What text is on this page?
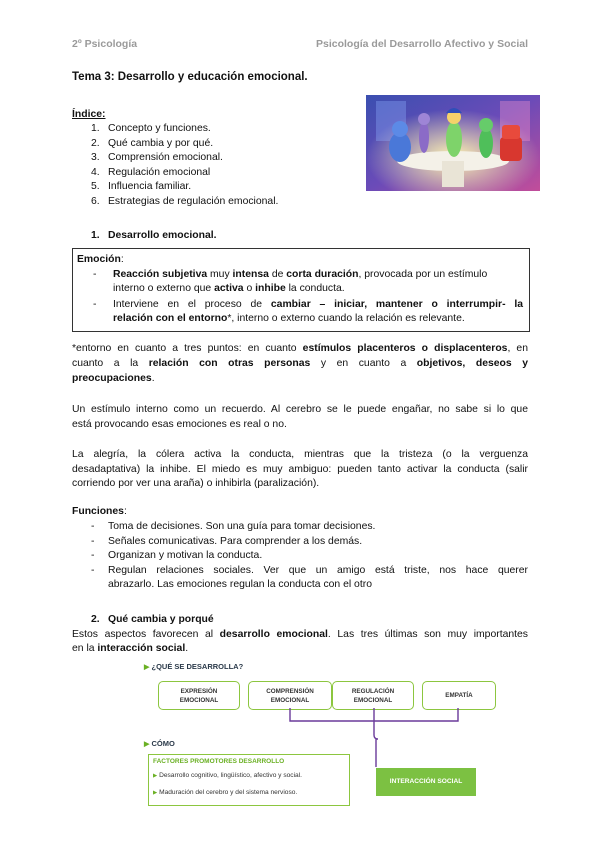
2º Psicología	Psicología del Desarrollo Afectivo y Social
Tema 3: Desarrollo y educación emocional.
Índice:
1. Concepto y funciones.
2. Qué cambia y por qué.
3. Comprensión emocional.
4. Regulación emocional
5. Influencia familiar.
6. Estrategias de regulación emocional.
1. Desarrollo emocional.
Emoción:
- Reacción subjetiva muy intensa de corta duración, provocada por un estímulo
interno o externo que activa o inhibe la conducta.
- Interviene en el proceso de cambiar – iniciar, mantener o interrumpir- la
relación con el entorno*, interno o externo cuando la relación es relevante.
*entorno en cuanto a tres puntos: en cuanto estímulos placenteros o displacenteros, en
cuanto a la relación con otras personas y en cuanto a objetivos, deseos y
preocupaciones.
Un estímulo interno como un recuerdo. Al cerebro se le puede engañar, no sabe si lo que
está provocando esas emociones es real o no.
La alegría, la cólera activa la conducta, mientras que la tristeza (o la verguenza
desadaptativa) la inhibe. El miedo es muy ambiguo: pueden tanto activar la conducta (salir
corriendo por ver una araña) o inhibirla (paralización).
Funciones:
- Toma de decisiones. Son una guía para tomar decisiones.
- Señales comunicativas. Para comprender a los demás.
- Organizan y motivan la conducta.
- Regulan relaciones sociales. Ver que un amigo está triste, nos hace querer
abrazarlo. Las emociones regulan la conducta con el otro
2. Qué cambia y porqué
Estos aspectos favorecen al desarrollo emocional. Las tres últimas son muy importantes
en la interacción social.
▶ ¿QUÉ SE DESARROLLA?
EXPRESIÓN
EMOCIONAL
COMPRENSIÓN
EMOCIONAL
REGULACIÓN
EMOCIONAL
EMPATÍA
▶ CÓMO
FACTORES PROMOTORES DESARROLLO
▶ Desarrollo cognitivo, lingüístico, afectivo y social.
▶ Maduración del cerebro y del sistema nervioso.
INTERACCIÓN SOCIAL
